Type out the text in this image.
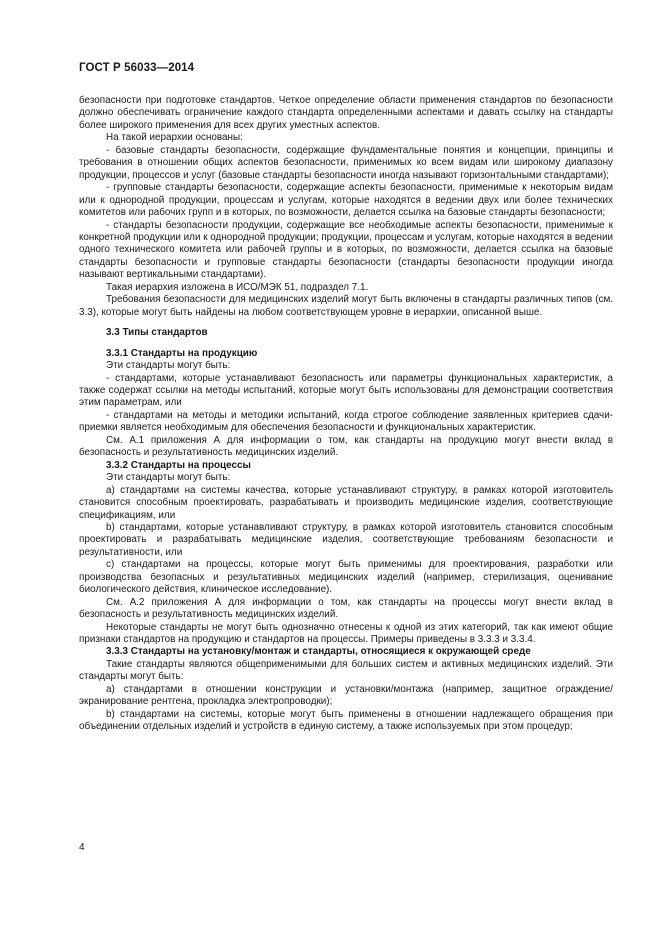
ГОСТ Р 56033—2014

безопасности при подготовке стандартов. Четкое определение области применения стандартов по безопасности должно обеспечивать ограничение каждого стандарта определенными аспектами и давать ссылку на стандарты более широкого применения для всех других уместных аспектов.

На такой иерархии основаны:

- базовые стандарты безопасности, содержащие фундаментальные понятия и концепции, принципы и требования в отношении общих аспектов безопасности, применимых ко всем видам или широкому диапазону продукции, процессов и услуг (базовые стандарты безопасности иногда называют горизонтальными стандартами);

- групповые стандарты безопасности, содержащие аспекты безопасности, применимые к некоторым видам или к однородной продукции, процессам и услугам, которые находятся в ведении двух или более технических комитетов или рабочих групп и в которых, по возможности, делается ссылка на базовые стандарты безопасности;

- стандарты безопасности продукции, содержащие все необходимые аспекты безопасности, применимые к конкретной продукции или к однородной продукции; продукции, процессам и услугам, которые находятся в ведении одного технического комитета или рабочей группы и в которых, по возможности, делается ссылка на базовые стандарты безопасности и групповые стандарты безопасности (стандарты безопасности продукции иногда называют вертикальными стандартами).

Такая иерархия изложена в ИСО/МЭК 51, подраздел 7.1.

Требования безопасности для медицинских изделий могут быть включены в стандарты различных типов (см. 3.3), которые могут быть найдены на любом соответствующем уровне в иерархии, описанной выше.

3.3 Типы стандартов
3.3.1 Стандарты на продукцию

Эти стандарты могут быть:

- стандартами, которые устанавливают безопасность или параметры функциональных характеристик, а также содержат ссылки на методы испытаний, которые могут быть использованы для демонстрации соответствия этим параметрам, или

- стандартами на методы и методики испытаний, когда строгое соблюдение заявленных критериев сдачи-приемки является необходимым для обеспечения безопасности и функциональных характеристик.

См. А.1 приложения А для информации о том, как стандарты на продукцию могут внести вклад в безопасность и результативность медицинских изделий.

3.3.2 Стандарты на процессы

Эти стандарты могут быть:

a) стандартами на системы качества, которые устанавливают структуру, в рамках которой изготовитель становится способным проектировать, разрабатывать и производить медицинские изделия, соответствующие спецификациям, или

b) стандартами, которые устанавливают структуру, в рамках которой изготовитель становится способным проектировать и разрабатывать медицинские изделия, соответствующие требованиям безопасности и результативности, или

c) стандартами на процессы, которые могут быть применимы для проектирования, разработки или производства безопасных и результативных медицинских изделий (например, стерилизация, оценивание биологического действия, клиническое исследование).

См. А.2 приложения А для информации о том, как стандарты на процессы могут внести вклад в безопасность и результативность медицинских изделий.

Некоторые стандарты не могут быть однозначно отнесены к одной из этих категорий, так как имеют общие признаки стандартов на продукцию и стандартов на процессы. Примеры приведены в 3.3.3 и 3.3.4.

3.3.3 Стандарты на установку/монтаж и стандарты, относящиеся к окружающей среде

Такие стандарты являются общеприменимыми для больших систем и активных медицинских изделий. Эти стандарты могут быть:

a) стандартами в отношении конструкции и установки/монтажа (например, защитное ограждение/экранирование рентгена, прокладка электропроводки);

b) стандартами на системы, которые могут быть применены в отношении надлежащего обращения при объединении отдельных изделий и устройств в единую систему, а также используемых при этом процедур;

4
